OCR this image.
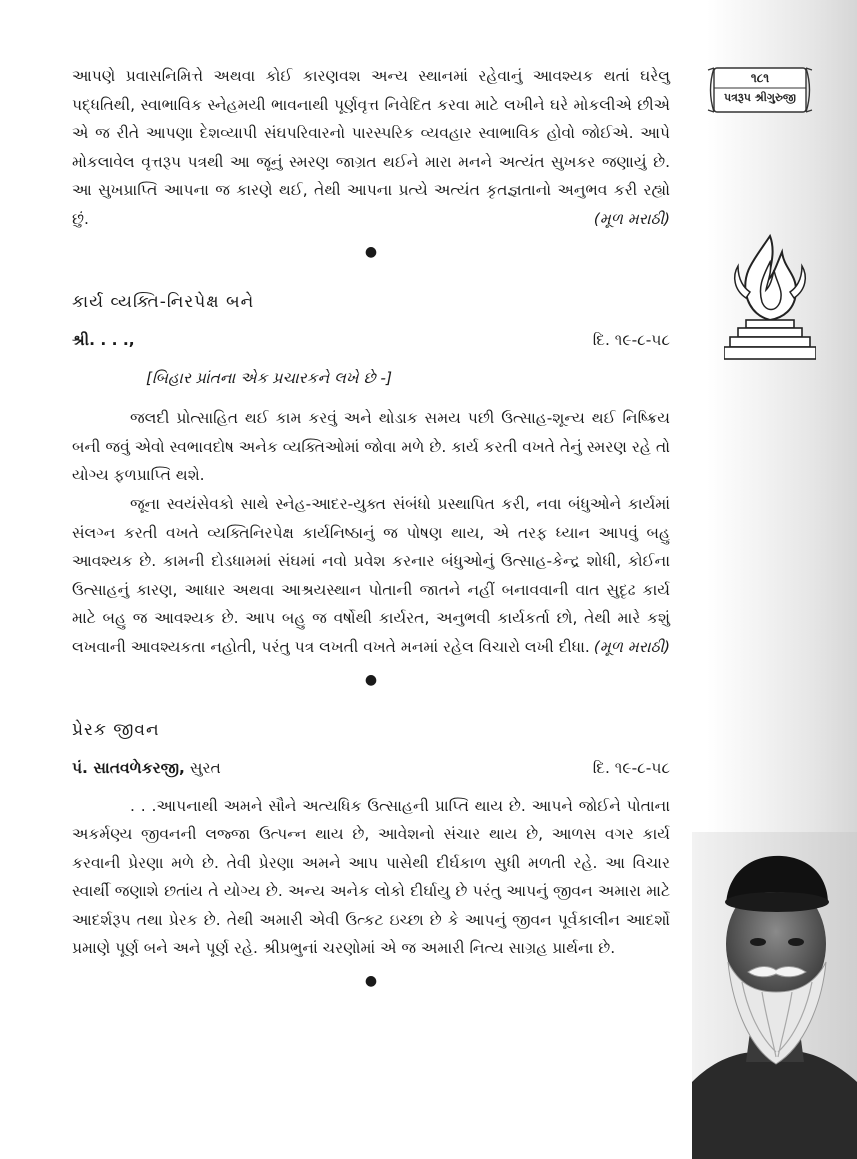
૧૮૧
પત્રરૂપ શ્રીગુરુજી

આપણે પ્રવાસનિમિત્તે અથવા કોઈ કારણવશ અન્ય સ્થાનમાં રહેવાનું આવશ્યક થતાં ઘરેલુ પદ્ધતિથી, સ્વાભાવિક સ્નેહમયી ભાવનાથી પૂર્ણવૃત્ત નિવેદિત કરવા માટે લખીને ઘરે મોકલીએ છીએ એ જ રીતે આપણા દેશવ્યાપી સંઘપરિવારનો પારસ્પરિક વ્યવહાર સ્વાભાવિક હોવો જોઈએ. આપે મોકલાવેલ વૃત્તરૂપ પત્રથી આ જૂનું સ્મરણ જાગ્રત થઈને મારા મનને અત્યંત સુખકર જણાયું છે. આ સુખપ્રાપ્તિ આપના જ કારણે થઈ, તેથી આપના પ્રત્યે અત્યંત કૃતજ્ઞતાનો અનુભવ કરી રહ્યો છું.	(મૂળ મરાઠી)

●
કાર્ય વ્યક્તિ-નિરપેક્ષ બને
શ્રી. . . .,	દિ. ૧૯-૮-૫૮
[બિહાર પ્રાંતના એક પ્રચારકને લખે છે -]

જલદી પ્રોત્સાહિત થઈ કામ કરવું અને થોડાક સમય પછી ઉત્સાહ-શૂન્ય થઈ નિષ્ક્રિય બની જવું એવો સ્વભાવદોષ અનેક વ્યક્તિઓમાં જોવા મળે છે. કાર્ય કરતી વખતે તેનું સ્મરણ રહે તો યોગ્ય ફળપ્રાપ્તિ થશે.

જૂના સ્વયંસેવકો સાથે સ્નેહ-આદર-યુક્ત સંબંધો પ્રસ્થાપિત કરી, નવા બંધુઓને કાર્યમાં સંલગ્ન કરતી વખતે વ્યક્તિનિરપેક્ષ કાર્યનિષ્ઠાનું જ પોષણ થાય, એ તરફ ધ્યાન આપવું બહુ આવશ્યક છે. કામની દોડધામમાં સંઘમાં નવો પ્રવેશ કરનાર બંધુઓનું ઉત્સાહ-કેન્દ્ર શોધી, કોઈના ઉત્સાહનું કારણ, આધાર અથવા આશ્રયસ્થાન પોતાની જાતને નહીં બનાવવાની વાત સુદૃઢ કાર્ય માટે બહુ જ આવશ્યક છે. આપ બહુ જ વર્ષોથી કાર્યરત, અનુભવી કાર્યકર્તા છો, તેથી મારે કશું લખવાની આવશ્યકતા નહોતી, પરંતુ પત્ર લખતી વખતે મનમાં રહેલ વિચારો લખી દીધા. (મૂળ મરાઠી)

●
પ્રેરક જીવન
પં. સાતવળેકરજી, સુરત	દિ. ૧૯-૮-૫૮

. . .આપનાથી અમને સૌને અત્યધિક ઉત્સાહની પ્રાપ્તિ થાય છે. આપને જોઈને પોતાના અકર્મણ્ય જીવનની લજ્જા ઉત્પન્ન થાય છે, આવેશનો સંચાર થાય છે, આળસ વગર કાર્ય કરવાની પ્રેરણા મળે છે. તેવી પ્રેરણા અમને આપ પાસેથી દીર્ઘકાળ સુધી મળતી રહે. આ વિચાર સ્વાર્થી જણાશે છતાંય તે યોગ્ય છે. અન્ય અનેક લોકો દીર્ઘાયુ છે પરંતુ આપનું જીવન અમારા માટે આદર્શરૂપ તથા પ્રેરક છે. તેથી અમારી એવી ઉત્કટ ઇચ્છા છે કે આપનું જીવન પૂર્વકાલીન આદર્શો પ્રમાણે પૂર્ણ બને અને પૂર્ણ રહે. શ્રીપ્રભુનાં ચરણોમાં એ જ અમારી નિત્ય સાગ્રહ પ્રાર્થના છે.

●
